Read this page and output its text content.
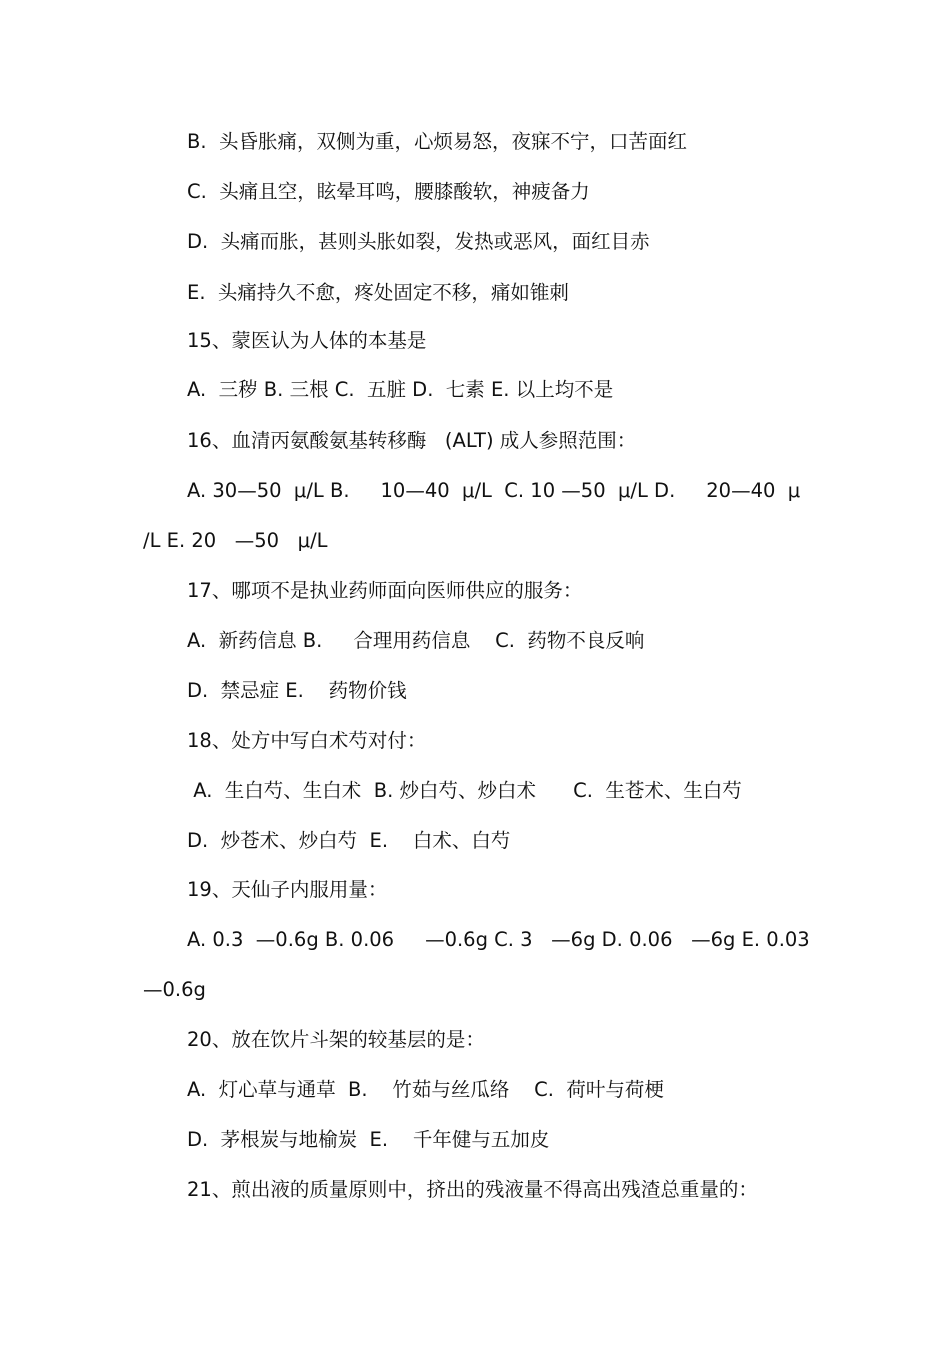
B.  头昏胀痛，双侧为重，心烦易怒，夜寐不宁，口苦面红

C.  头痛且空，眩晕耳鸣，腰膝酸软，神疲备力

D.  头痛而胀，甚则头胀如裂，发热或恶风，面红目赤

E.  头痛持久不愈，疼处固定不移，痛如锥刺

15、蒙医认为人体的本基是

A.  三秽 B. 三根 C.  五脏 D.  七素 E. 以上均不是

16、血清丙氨酸氨基转移酶   (ALT) 成人参照范围：

A. 30—50  μ/L B.     10—40  μ/L  C. 10 —50  μ/L D.     20—40  μ

/L E. 20   —50   μ/L

17、哪项不是执业药师面向医师供应的服务：

A.  新药信息 B.     合理用药信息    C.  药物不良反响

D.  禁忌症 E.    药物价钱

18、处方中写白术芍对付：

A.  生白芍、生白术  B. 炒白芍、炒白术      C.  生苍术、生白芍

D.  炒苍术、炒白芍  E.    白术、白芍

19、天仙子内服用量：

A. 0.3  —0.6g B. 0.06     —0.6g C. 3   —6g D. 0.06   —6g E. 0.03

—0.6g

20、放在饮片斗架的较基层的是：

A.  灯心草与通草  B.    竹茹与丝瓜络    C.  荷叶与荷梗

D.  茅根炭与地榆炭  E.    千年健与五加皮

21、煎出液的质量原则中，挤出的残液量不得高出残渣总重量的：
